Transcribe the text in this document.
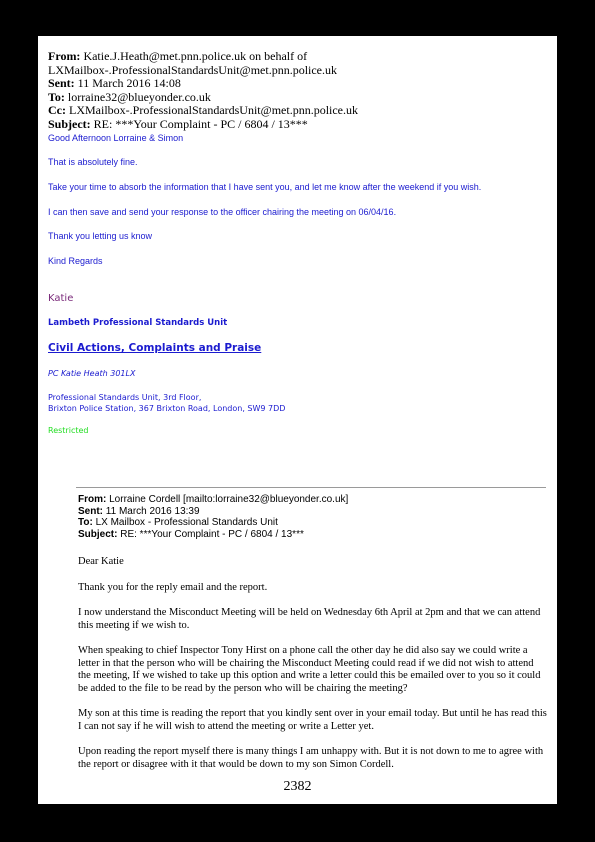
From: Katie.J.Heath@met.pnn.police.uk on behalf of
LXMailbox-.ProfessionalStandardsUnit@met.pnn.police.uk
Sent: 11 March 2016 14:08
To: lorraine32@blueyonder.co.uk
Cc: LXMailbox-.ProfessionalStandardsUnit@met.pnn.police.uk
Subject: RE: ***Your Complaint - PC / 6804 / 13***
Good Afternoon Lorraine & Simon
That is absolutely fine.
Take your time to absorb the information that I have sent you, and let me know after the weekend if you wish.
I can then save and send your response to the officer chairing the meeting on 06/04/16.
Thank you letting us know
Kind Regards
Katie
Lambeth Professional Standards Unit
Civil Actions, Complaints and Praise
PC Katie Heath 301LX
Professional Standards Unit, 3rd Floor,
Brixton Police Station, 367 Brixton Road, London, SW9 7DD
Restricted
From: Lorraine Cordell [mailto:lorraine32@blueyonder.co.uk]
Sent: 11 March 2016 13:39
To: LX Mailbox - Professional Standards Unit
Subject: RE: ***Your Complaint - PC / 6804 / 13***
Dear Katie
Thank you for the reply email and the report.
I now understand the Misconduct Meeting will be held on Wednesday 6th April at 2pm and that we can attend this meeting if we wish to.
When speaking to chief Inspector Tony Hirst on a phone call the other day he did also say we could write a letter in that the person who will be chairing the Misconduct Meeting could read if we did not wish to attend the meeting, If we wished to take up this option and write a letter could this be emailed over to you so it could be added to the file to be read by the person who will be chairing the meeting?
My son at this time is reading the report that you kindly sent over in your email today. But until he has read this I can not say if he will wish to attend the meeting or write a Letter yet.
Upon reading the report myself there is many things I am unhappy with. But it is not down to me to agree with the report or disagree with it that would be down to my son Simon Cordell.
2382
